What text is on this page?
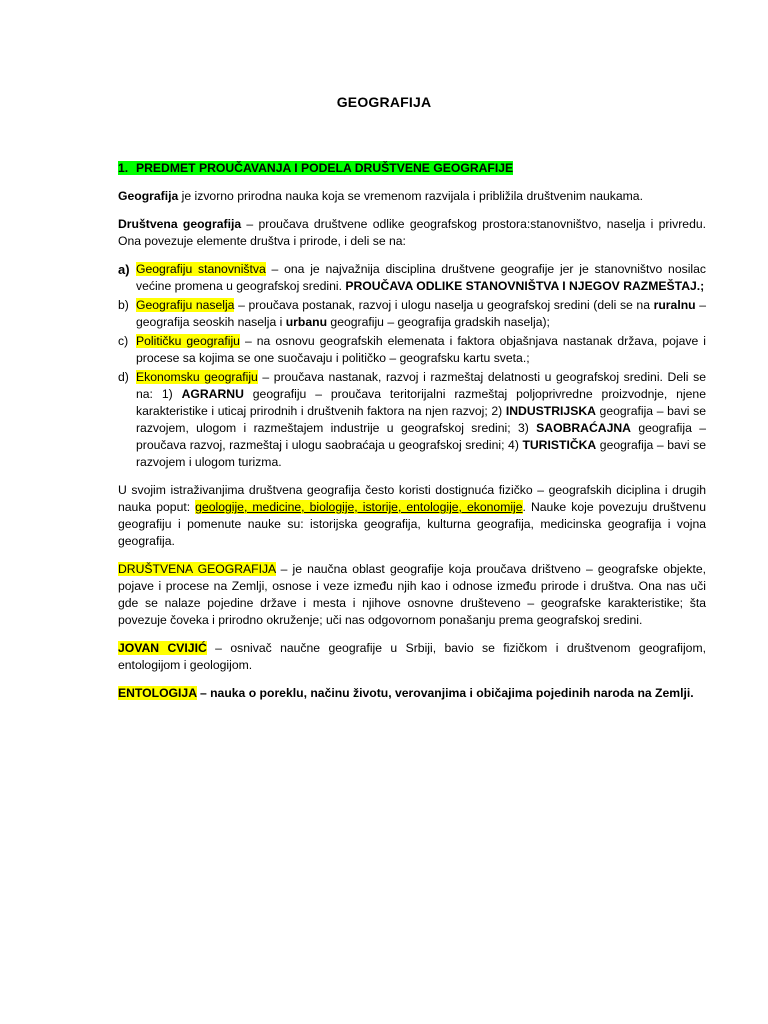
GEOGRAFIJA
1. PREDMET PROUČAVANJA I PODELA DRUŠTVENE GEOGRAFIJE

Geografija je izvorno prirodna nauka koja se vremenom razvijala i približila društvenim naukama.

Društvena geografija – proučava društvene odlike geografskog prostora:stanovništvo, naselja i privredu. Ona povezuje elemente društva i prirode, i deli se na:

a) Geografiju stanovništva – ona je najvažnija disciplina društvene geografije jer je stanovništvo nosilac većine promena u geografskoj sredini. PROUČAVA ODLIKE STANOVNIŠTVA I NJEGOV RAZMEŠTAJ.;
b) Geografiju naselja – proučava postanak, razvoj i ulogu naselja u geografskoj sredini (deli se na ruralnu – geografija seoskih naselja i urbanu geografiju – geografija gradskih naselja);
c) Političku geografiju – na osnovu geografskih elemenata i faktora objašnjava nastanak država, pojave i procese sa kojima se one suočavaju i političko – geografsku kartu sveta.;
d) Ekonomsku geografiju – proučava nastanak, razvoj i razmeštaj delatnosti u geografskoj sredini. Deli se na: 1) AGRARNU geografiju – proučava teritorijalni razmeštaj poljoprivredne proizvodnje, njene karakteristike i uticaj prirodnih i društvenih faktora na njen razvoj; 2) INDUSTRIJSKA geografija – bavi se razvojem, ulogom i razmeštajem industrije u geografskoj sredini; 3) SAOBRAĆAJNA geografija – proučava razvoj, razmeštaj i ulogu saobraćaja u geografskoj sredini; 4) TURISTIČKA geografija – bavi se razvojem i ulogom turizma.

U svojim istraživanjima društvena geografija često koristi dostignuća fizičko – geografskih diciplina i drugih nauka poput: geologije, medicine, biologije, istorije, entologije, ekonomije. Nauke koje povezuju društvenu geografiju i pomenute nauke su: istorijska geografija, kulturna geografija, medicinska geografija i vojna geografija.

DRUŠTVENA GEOGRAFIJA – je naučna oblast geografije koja proučava drištveno – geografske objekte, pojave i procese na Zemlji, osnose i veze između njih kao i odnose između prirode i društva. Ona nas uči gde se nalaze pojedine države i mesta i njihove osnovne društeveno – geografske karakteristike; šta povezuje čoveka i prirodno okruženje; uči nas odgovornom ponašanju prema geografskoj sredini.

JOVAN CVIJIĆ – osnivač naučne geografije u Srbiji, bavio se fizičkom i društvenom geografijom, entologijom i geologijom.

ENTOLOGIJA – nauka o poreklu, načinu životu, verovanjima i običajima pojedinih naroda na Zemlji.
